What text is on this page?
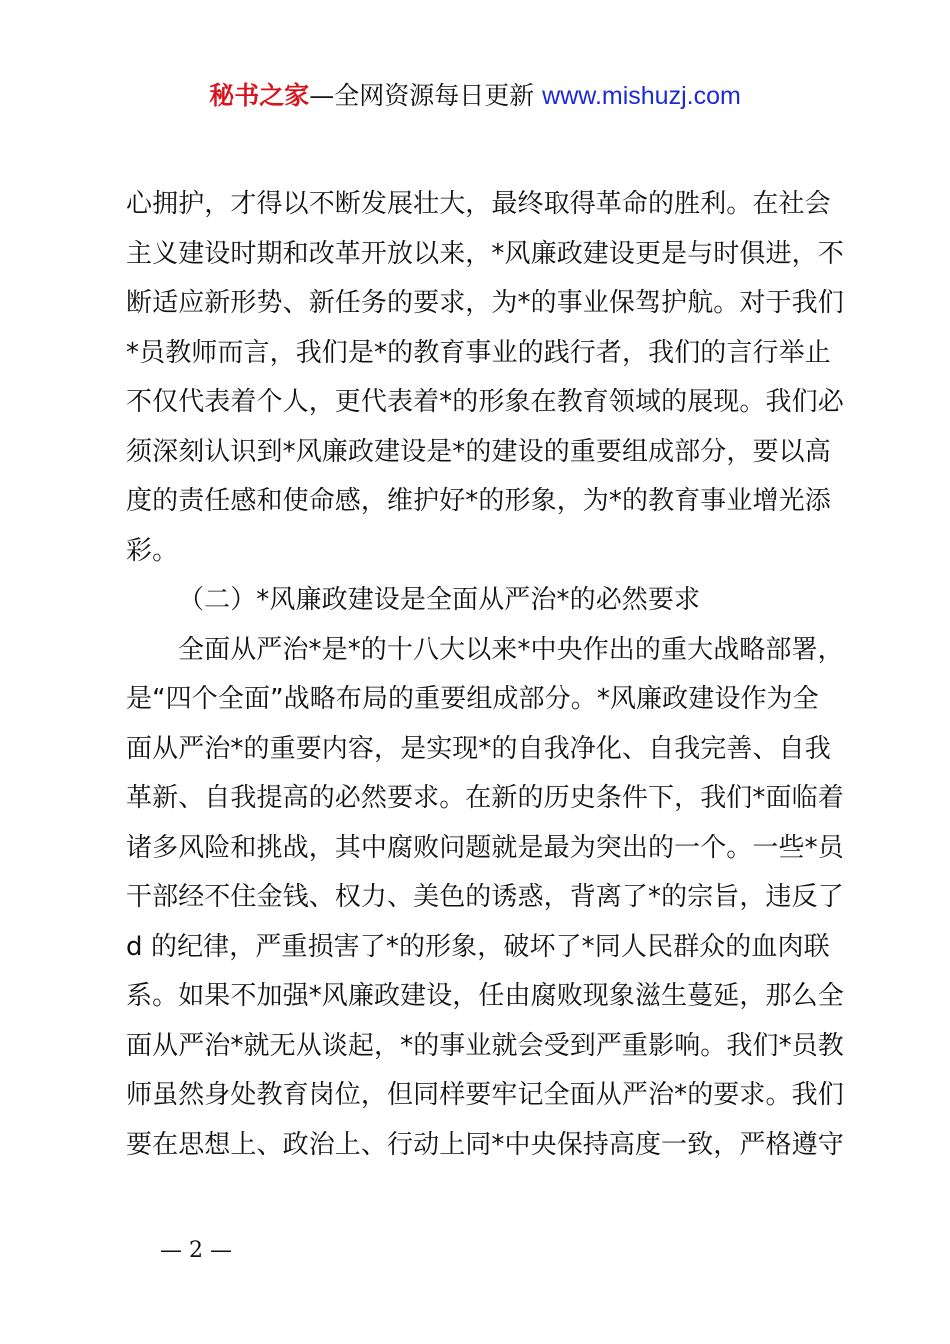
秘书之家—全网资源每日更新 www.mishuzj.com
心拥护，才得以不断发展壮大，最终取得革命的胜利。在社会
主义建设时期和改革开放以来，*风廉政建设更是与时俱进，不
断适应新形势、新任务的要求，为*的事业保驾护航。对于我们
*员教师而言，我们是*的教育事业的践行者，我们的言行举止
不仅代表着个人，更代表着*的形象在教育领域的展现。我们必
须深刻认识到*风廉政建设是*的建设的重要组成部分，要以高
度的责任感和使命感，维护好*的形象，为*的教育事业增光添
彩。
（二）*风廉政建设是全面从严治*的必然要求
全面从严治*是*的十八大以来*中央作出的重大战略部署，
是“四个全面”战略布局的重要组成部分。*风廉政建设作为全
面从严治*的重要内容，是实现*的自我净化、自我完善、自我
革新、自我提高的必然要求。在新的历史条件下，我们*面临着
诸多风险和挑战，其中腐败问题就是最为突出的一个。一些*员
干部经不住金钱、权力、美色的诱惑，背离了*的宗旨，违反了
d 的纪律，严重损害了*的形象，破坏了*同人民群众的血肉联
系。如果不加强*风廉政建设，任由腐败现象滋生蔓延，那么全
面从严治*就无从谈起，*的事业就会受到严重影响。我们*员教
师虽然身处教育岗位，但同样要牢记全面从严治*的要求。我们
要在思想上、政治上、行动上同*中央保持高度一致，严格遵守
— 2 —
